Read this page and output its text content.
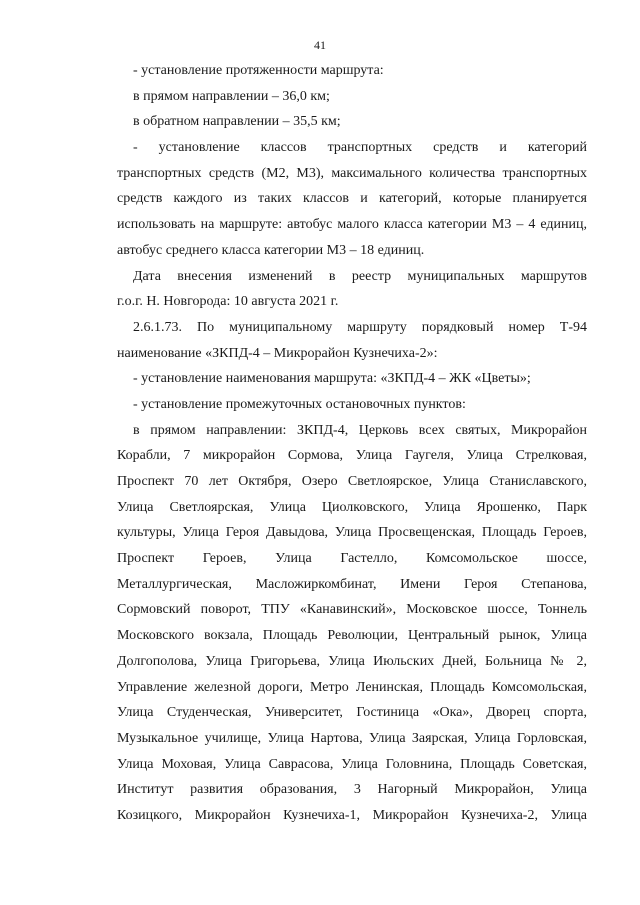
41
- установление протяженности маршрута:
в прямом направлении – 36,0 км;
в обратном направлении – 35,5 км;
- установление классов транспортных средств и категорий
транспортных средств (М2, М3), максимального количества транспортных
средств каждого из таких классов и категорий, которые планируется
использовать на маршруте: автобус малого класса категории М3 – 4 единиц,
автобус среднего класса категории М3 – 18 единиц.
Дата внесения изменений в реестр муниципальных маршрутов
г.о.г. Н. Новгорода: 10 августа 2021 г.
2.6.1.73. По муниципальному маршруту порядковый номер Т-94
наименование «ЗКПД-4 – Микрорайон Кузнечиха-2»:
- установление наименования маршрута: «ЗКПД-4 – ЖК «Цветы»;
- установление промежуточных остановочных пунктов:
в прямом направлении: ЗКПД-4, Церковь всех святых, Микрорайон
Корабли, 7 микрорайон Сормова, Улица Гаугеля, Улица Стрелковая,
Проспект 70 лет Октября, Озеро Светлоярское, Улица Станиславского,
Улица Светлоярская, Улица Циолковского, Улица Ярошенко, Парк
культуры, Улица Героя Давыдова, Улица Просвещенская, Площадь Героев,
Проспект Героев, Улица Гастелло, Комсомольское шоссе,
Металлургическая, Масложиркомбинат, Имени Героя Степанова,
Сормовский поворот, ТПУ «Канавинский», Московское шоссе, Тоннель
Московского вокзала, Площадь Революции, Центральный рынок, Улица
Долгополова, Улица Григорьева, Улица Июльских Дней, Больница № 2,
Управление железной дороги, Метро Ленинская, Площадь Комсомольская,
Улица Студенческая, Университет, Гостиница «Ока», Дворец спорта,
Музыкальное училище, Улица Нартова, Улица Заярская, Улица Горловская,
Улица Моховая, Улица Саврасова, Улица Головнина, Площадь Советская,
Институт развития образования, 3 Нагорный Микрорайон, Улица
Козицкого, Микрорайон Кузнечиха-1, Микрорайон Кузнечиха-2, Улица
